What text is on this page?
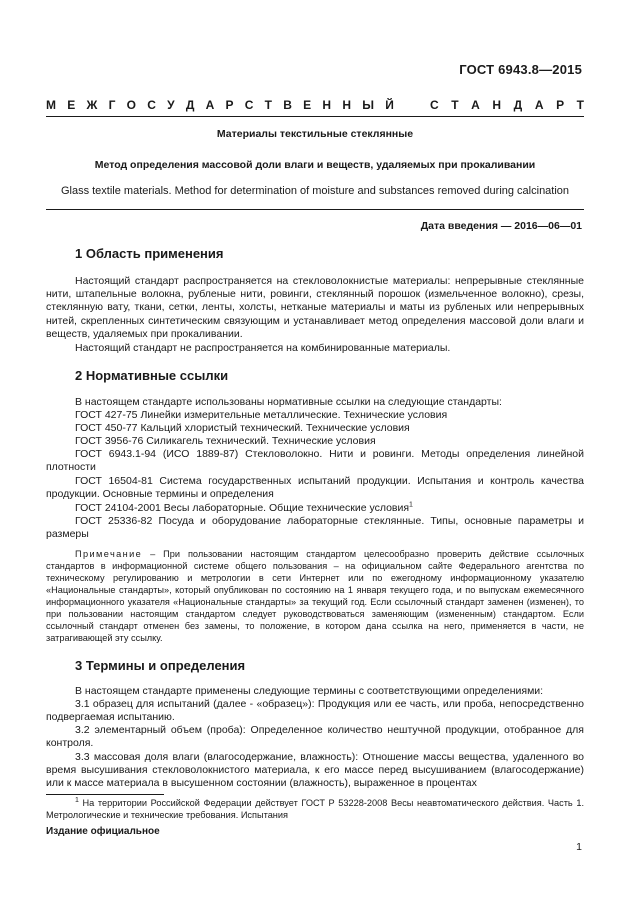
ГОСТ 6943.8—2015
М Е Ж Г О С У Д А Р С Т В Е Н Н Ы Й	С Т А Н Д А Р Т
Материалы текстильные стеклянные
Метод определения массовой доли влаги и веществ, удаляемых при прокаливании
Glass textile materials. Method for determination of moisture and substances removed during calcination
Дата введения — 2016—06—01
1 Область применения

Настоящий стандарт распространяется на стекловолокнистые материалы: непрерывные стеклянные нити, штапельные волокна, рубленые нити, ровинги, стеклянный порошок (измельченное волокно), срезы, стеклянную вату, ткани, сетки, ленты, холсты, нетканые материалы и маты из рубленых или непрерывных нитей, скрепленных синтетическим связующим и устанавливает метод определения массовой доли влаги и веществ, удаляемых при прокаливании.

Настоящий стандарт не распространяется на комбинированные материалы.

2 Нормативные ссылки

В настоящем стандарте использованы нормативные ссылки на следующие стандарты:

ГОСТ 427-75 Линейки измерительные металлические. Технические условия

ГОСТ 450-77 Кальций хлористый технический. Технические условия

ГОСТ 3956-76 Силикагель технический. Технические условия

ГОСТ 6943.1-94 (ИСО 1889-87) Стекловолокно. Нити и ровинги. Методы определения линейной плотности

ГОСТ 16504-81 Система государственных испытаний продукции. Испытания и контроль качества продукции. Основные термины и определения

ГОСТ 24104-2001 Весы лабораторные. Общие технические условия$^1$

ГОСТ 25336-82 Посуда и оборудование лабораторные стеклянные. Типы, основные параметры и размеры

Примечание – При пользовании настоящим стандартом целесообразно проверить действие ссылочных стандартов в информационной системе общего пользования – на официальном сайте Федерального агентства по техническому регулированию и метрологии в сети Интернет или по ежегодному информационному указателю «Национальные стандарты», который опубликован по состоянию на 1 января текущего года, и по выпускам ежемесячного информационного указателя «Национальные стандарты» за текущий год. Если ссылочный стандарт заменен (изменен), то при пользовании настоящим стандартом следует руководствоваться заменяющим (измененным) стандартом. Если ссылочный стандарт отменен без замены, то положение, в котором дана ссылка на него, применяется в части, не затрагивающей эту ссылку.

3 Термины и определения

В настоящем стандарте применены следующие термины с соответствующими определениями:

3.1 образец для испытаний (далее - «образец»): Продукция или ее часть, или проба, непосредственно подвергаемая испытанию.

3.2 элементарный объем (проба): Определенное количество нештучной продукции, отобранное для контроля.

3.3 массовая доля влаги (влагосодержание, влажность): Отношение массы вещества, удаленного во время высушивания стекловолокнистого материала, к его массе перед высушиванием (влагосодержание) или к массе материала в высушенном состоянии (влажность), выраженное в процентах

$^1$ На территории Российской Федерации действует ГОСТ Р 53228-2008 Весы неавтоматического действия. Часть 1. Метрологические и технические требования. Испытания

Издание официальное
1
